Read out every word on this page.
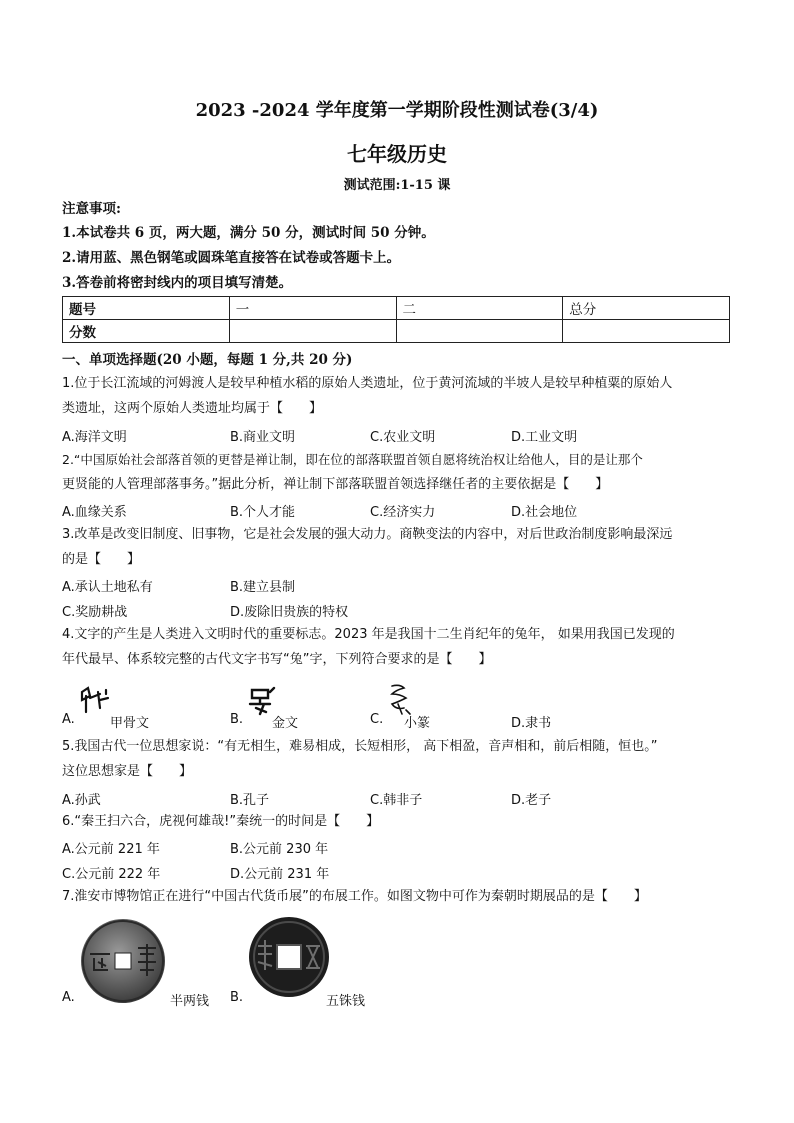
2023 -2024 学年度第一学期阶段性测试卷(3/4)
七年级历史
测试范围:1-15 课
注意事项:
1.本试卷共 6 页，两大题，满分 50 分，测试时间 50 分钟。
2.请用蓝、黑色钢笔或圆珠笔直接答在试卷或答题卡上。
3.答卷前将密封线内的项目填写清楚。
题号	一	二	总分
分数			
一、单项选择题(20 小题，每题 1 分,共 20 分)
1.位于长江流域的河姆渡人是较早种植水稻的原始人类遗址，位于黄河流域的半坡人是较早种植粟的原始人
类遗址，这两个原始人类遗址均属于【　　】
A.海洋文明	B.商业文明	C.农业文明	D.工业文明
2.“中国原始社会部落首领的更替是禅让制，即在位的部落联盟首领自愿将统治权让给他人，目的是让那个
更贤能的人管理部落事务。”据此分析，禅让制下部落联盟首领选择继任者的主要依据是【　　】
A.血缘关系	B.个人才能	C.经济实力	D.社会地位
3.改革是改变旧制度、旧事物，它是社会发展的强大动力。商鞅变法的内容中，对后世政治制度影响最深远
的是【　　】
A.承认土地私有	B.建立县制
C.奖励耕战	D.废除旧贵族的特权
4.文字的产生是人类进入文明时代的重要标志。2023 年是我国十二生肖纪年的兔年， 如果用我国已发现的
年代最早、体系较完整的古代文字书写“兔”字，下列符合要求的是【　　】
A.	甲骨文	B. 金文	C. 小篆	D.隶书
5.我国古代一位思想家说：“有无相生，难易相成，长短相形， 高下相盈，音声相和，前后相随，恒也。”
这位思想家是【　　】
A.孙武	B.孔子	C.韩非子	D.老子
6.“秦王扫六合，虎视何雄哉!”秦统一的时间是【　　】
A.公元前 221 年	B.公元前 230 年
C.公元前 222 年	D.公元前 231 年
7.淮安市博物馆正在进行“中国古代货币展”的布展工作。如图文物中可作为秦朝时期展品的是【　　】
A.	半两钱 B.	五铢钱
